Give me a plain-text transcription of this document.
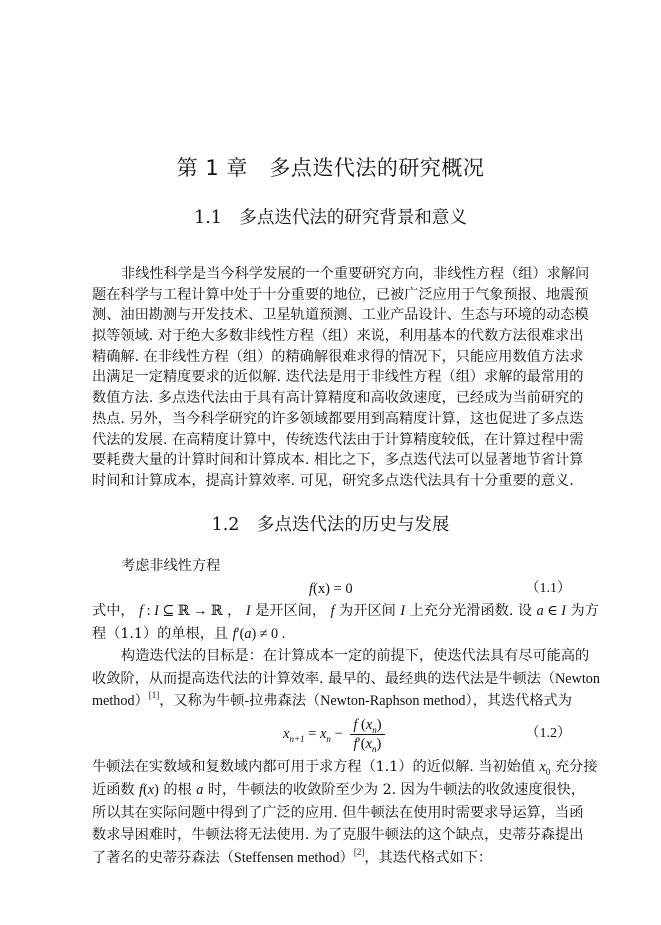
第 1 章　多点迭代法的研究概况
1.1　多点迭代法的研究背景和意义
非线性科学是当今科学发展的一个重要研究方向，非线性方程（组）求解问
题在科学与工程计算中处于十分重要的地位，已被广泛应用于气象预报、地震预
测、油田勘测与开发技术、卫星轨道预测、工业产品设计、生态与环境的动态模
拟等领域. 对于绝大多数非线性方程（组）来说，利用基本的代数方法很难求出
精确解. 在非线性方程（组）的精确解很难求得的情况下，只能应用数值方法求
出满足一定精度要求的近似解. 迭代法是用于非线性方程（组）求解的最常用的
数值方法. 多点迭代法由于具有高计算精度和高收敛速度，已经成为当前研究的
热点. 另外，当今科学研究的许多领域都要用到高精度计算，这也促进了多点迭
代法的发展. 在高精度计算中，传统迭代法由于计算精度较低，在计算过程中需
要耗费大量的计算时间和计算成本. 相比之下，多点迭代法可以显著地节省计算
时间和计算成本，提高计算效率. 可见，研究多点迭代法具有十分重要的意义.
1.2　多点迭代法的历史与发展
考虑非线性方程
f(x) = 0	（1.1）
式中， f : I ⊆ ℝ → ℝ ， I 是开区间， f 为开区间 I 上充分光滑函数. 设 a ∈ I 为方
程（1.1）的单根，且 f′(a) ≠ 0 .
构造迭代法的目标是：在计算成本一定的前提下，使迭代法具有尽可能高的
收敛阶，从而提高迭代法的计算效率. 最早的、最经典的迭代法是牛顿法（Newton
method）[1]，又称为牛顿-拉弗森法（Newton-Raphson method），其迭代格式为
$x_{n+1} = x_n - \frac{f (x_n)}{f'(x_n)}$	（1.2）
牛顿法在实数域和复数域内都可用于求方程（1.1）的近似解. 当初始值 $x_0$ 充分接
近函数 f(x) 的根 a 时，牛顿法的收敛阶至少为 2. 因为牛顿法的收敛速度很快，
所以其在实际问题中得到了广泛的应用. 但牛顿法在使用时需要求导运算，当函
数求导困难时，牛顿法将无法使用. 为了克服牛顿法的这个缺点，史蒂芬森提出
了著名的史蒂芬森法（Steffensen method）[2]，其迭代格式如下：
